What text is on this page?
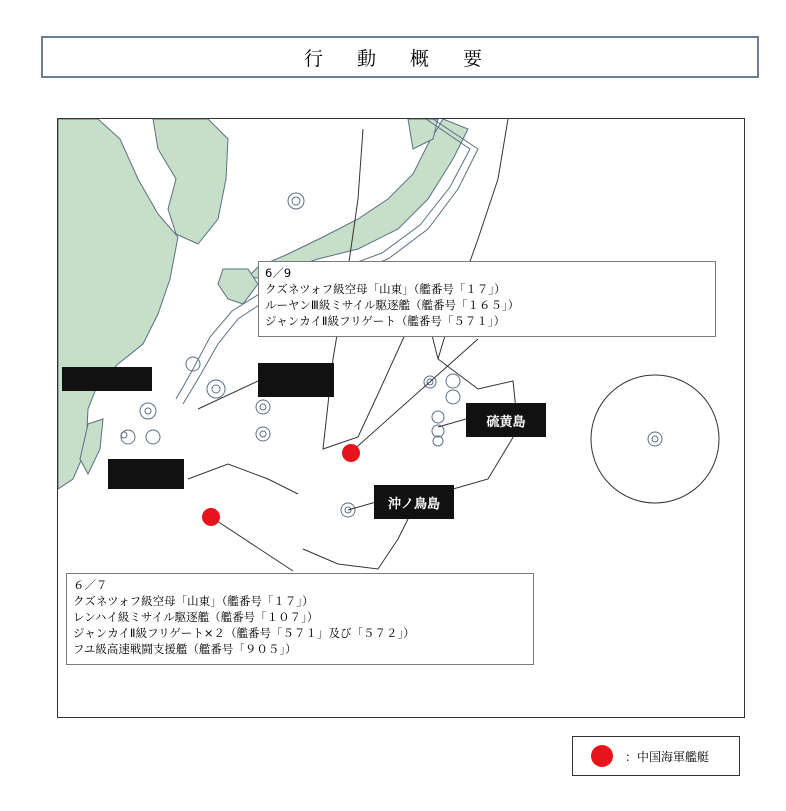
行 動 概 要
6／9
クズネツォフ級空母「山東」（艦番号「１７」）
ルーヤンⅢ級ミサイル駆逐艦（艦番号「１６５」）
ジャンカイⅡ級フリゲート（艦番号「５７１」）
６／７
クズネツォフ級空母「山東」（艦番号「１７」）
レンハイ級ミサイル駆逐艦（艦番号「１０７」）
ジャンカイⅡ級フリゲート×２（艦番号「５７１」及び「５７２」）
フユ級高速戦闘支援艦（艦番号「９０５」）
硫黄島
沖ノ鳥島
：中国海軍艦艇
